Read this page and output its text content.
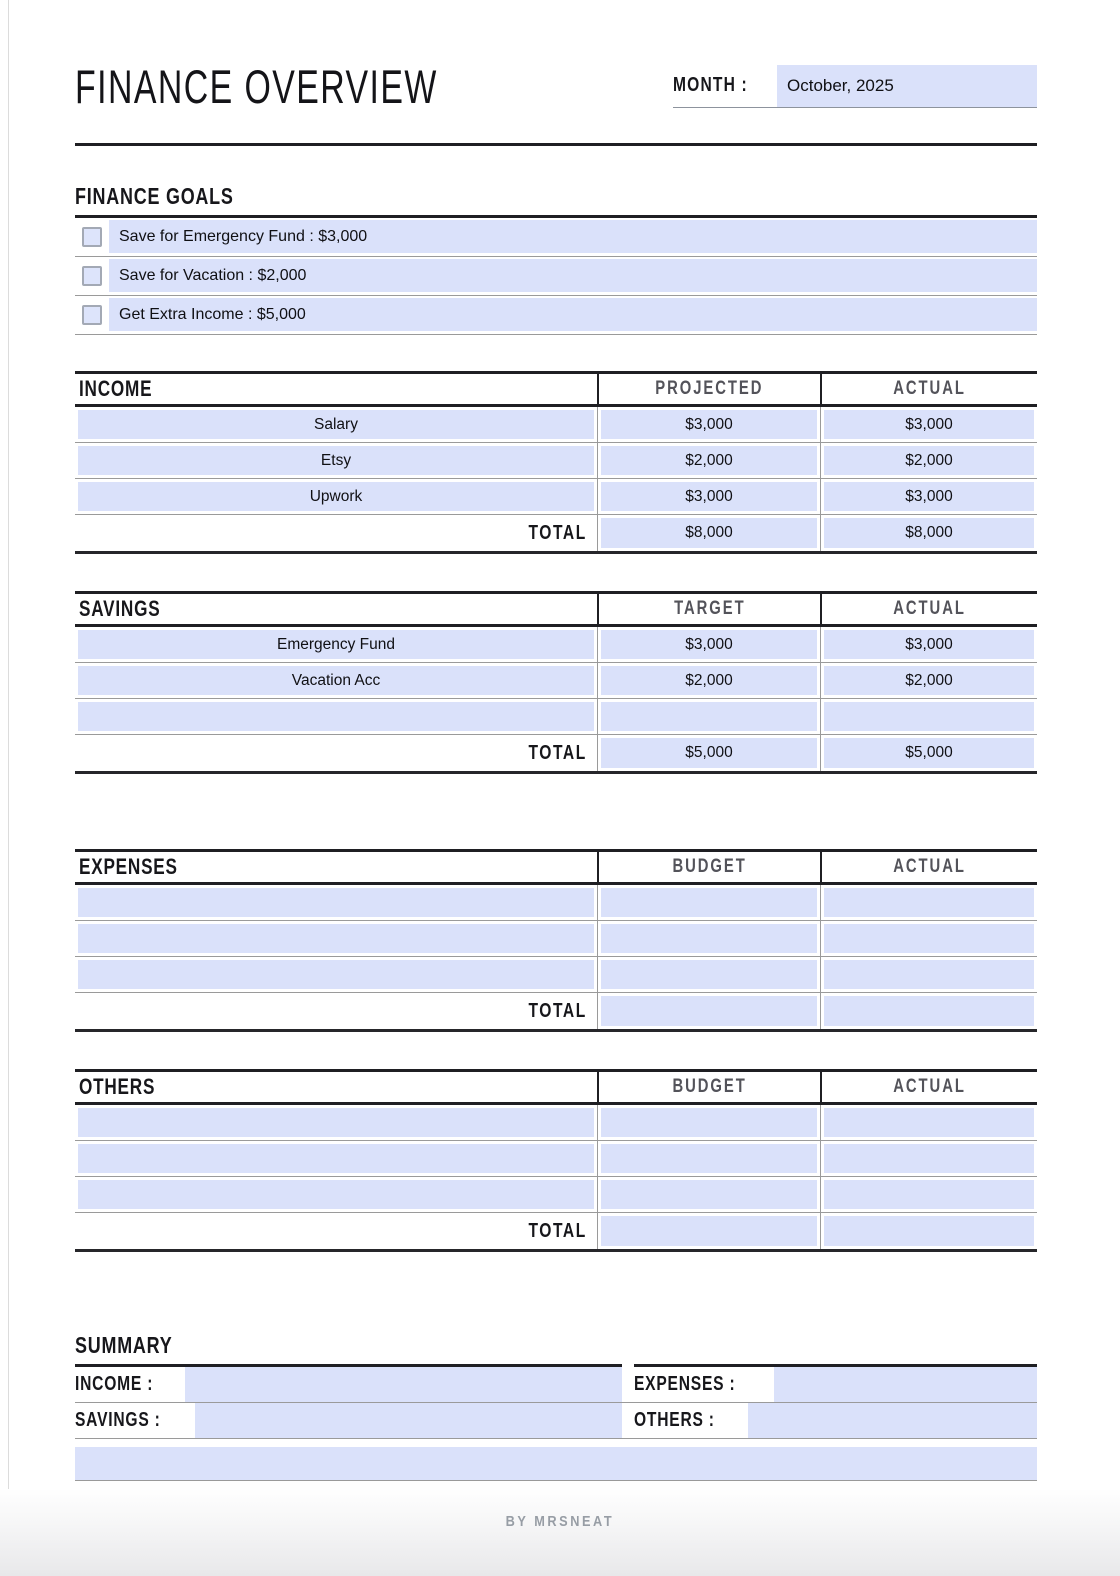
FINANCE OVERVIEW	MONTH :	October, 2025
FINANCE GOALS
Save for Emergency Fund : $3,000
Save for Vacation : $2,000
Get Extra Income : $5,000
INCOME	PROJECTED	ACTUAL
Salary	$3,000	$3,000
Etsy	$2,000	$2,000
Upwork	$3,000	$3,000
TOTAL	$8,000	$8,000
SAVINGS	TARGET	ACTUAL
Emergency Fund	$3,000	$3,000
Vacation Acc	$2,000	$2,000
TOTAL	$5,000	$5,000
EXPENSES	BUDGET	ACTUAL
TOTAL
OTHERS	BUDGET	ACTUAL
TOTAL
SUMMARY
INCOME :	EXPENSES :
SAVINGS :	OTHERS :
BY MRSNEAT
